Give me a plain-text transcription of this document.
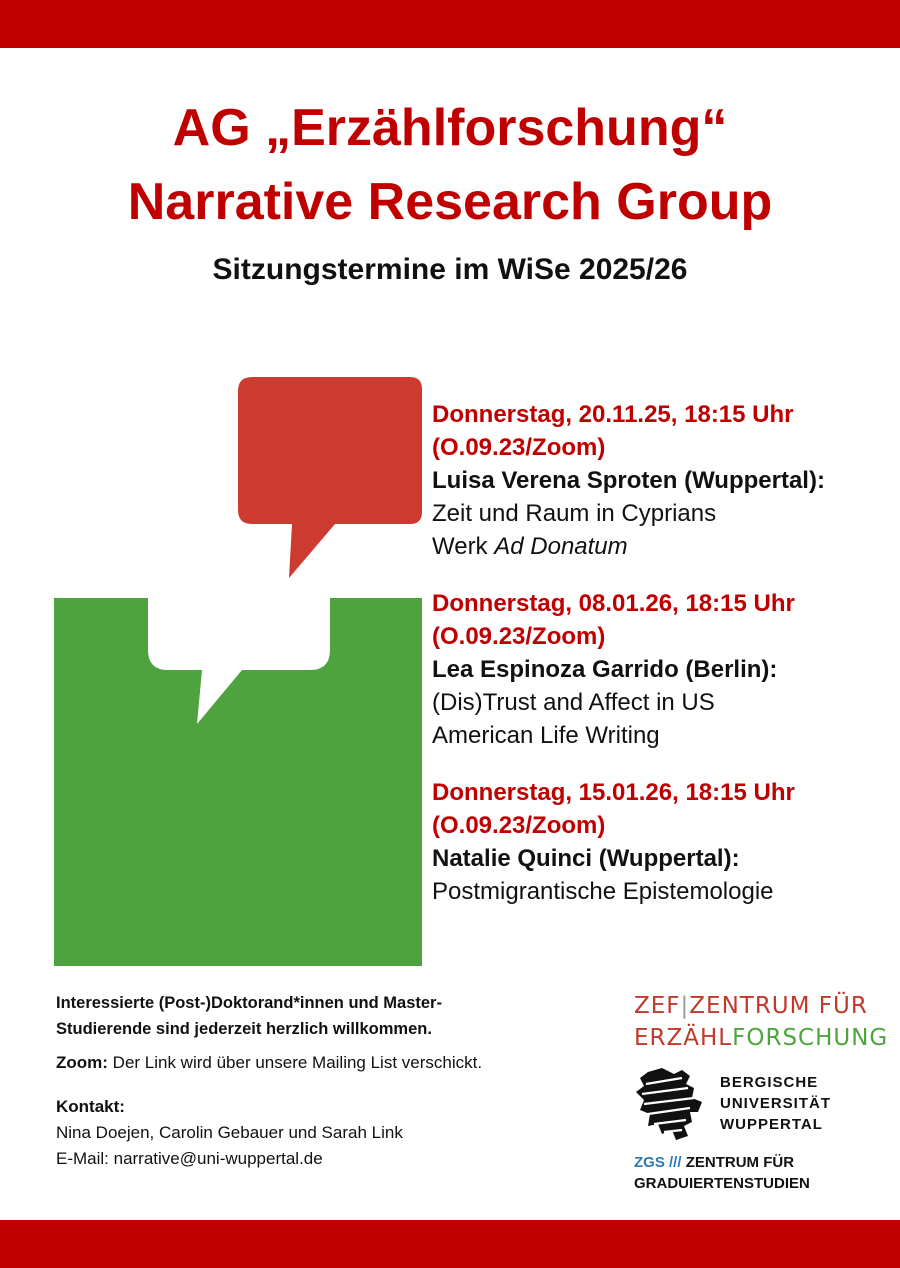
AG „Erzählforschung“
Narrative Research Group
Sitzungstermine im WiSe 2025/26
Donnerstag, 20.11.25, 18:15 Uhr
(O.09.23/Zoom)
Luisa Verena Sproten (Wuppertal):
Zeit und Raum in Cyprians
Werk Ad Donatum
Donnerstag, 08.01.26, 18:15 Uhr
(O.09.23/Zoom)
Lea Espinoza Garrido (Berlin):
(Dis)Trust and Affect in US
American Life Writing
Donnerstag, 15.01.26, 18:15 Uhr
(O.09.23/Zoom)
Natalie Quinci (Wuppertal):
Postmigrantische Epistemologie
Interessierte (Post-)Doktorand*innen und Master-
Studierende sind jederzeit herzlich willkommen.
Zoom: Der Link wird über unsere Mailing List verschickt.
Kontakt:
Nina Doejen, Carolin Gebauer und Sarah Link
E-Mail: narrative@uni-wuppertal.de
ZEF|ZENTRUM FÜR
ERZÄHLFORSCHUNG
BERGISCHE
UNIVERSITÄT
WUPPERTAL
ZGS /// ZENTRUM FÜR
GRADUIERTENSTUDIEN
